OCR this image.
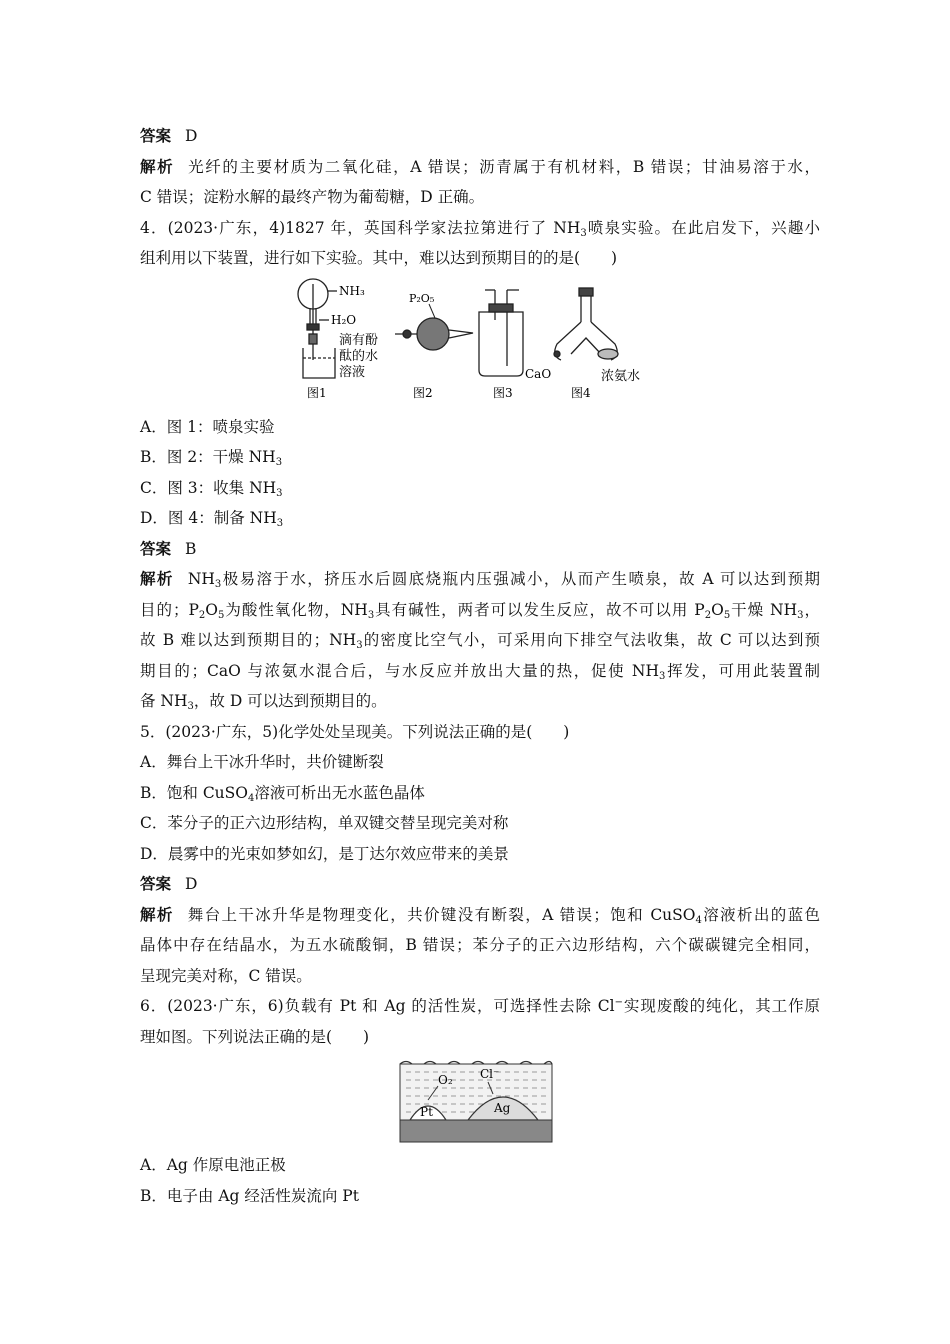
答案 D
解析 光纤的主要材质为二氧化硅，A 错误；沥青属于有机材料，B 错误；甘油易溶于水，
C 错误；淀粉水解的最终产物为葡萄糖，D 正确。
4．(2023·广东，4)1827 年，英国科学家法拉第进行了 $NH_3$喷泉实验。在此启发下，兴趣小
组利用以下装置，进行如下实验。其中，难以达到预期目的的是(　　)
NH₃
H₂O
滴有酚
酞的水
溶液
图1
P₂O₅
图2	图3
CaO	浓氨水
图4
A．图 1：喷泉实验
B．图 2：干燥 $NH_3$
C．图 3：收集 $NH_3$
D．图 4：制备 $NH_3$
答案 B
解析 $NH_3$极易溶于水，挤压水后圆底烧瓶内压强减小，从而产生喷泉，故 A 可以达到预期
目的；$P_2O_5$为酸性氧化物，$NH_3$具有碱性，两者可以发生反应，故不可以用 $P_2O_5$干燥 $NH_3$，
故 B 难以达到预期目的；$NH_3$的密度比空气小，可采用向下排空气法收集，故 C 可以达到预
期目的；CaO 与浓氨水混合后，与水反应并放出大量的热，促使 $NH_3$挥发，可用此装置制
备 $NH_3$，故 D 可以达到预期目的。
5．(2023·广东，5)化学处处呈现美。下列说法正确的是(　　)
A．舞台上干冰升华时，共价键断裂
B．饱和 CuSO$_4$溶液可析出无水蓝色晶体
C．苯分子的正六边形结构，单双键交替呈现完美对称
D．晨雾中的光束如梦如幻，是丁达尔效应带来的美景
答案 D
解析 舞台上干冰升华是物理变化，共价键没有断裂，A 错误；饱和 CuSO$_4$溶液析出的蓝色
晶体中存在结晶水，为五水硫酸铜，B 错误；苯分子的正六边形结构，六个碳碳键完全相同，
呈现完美对称，C 错误。
6．(2023·广东，6)负载有 Pt 和 Ag 的活性炭，可选择性去除 Cl−实现废酸的纯化，其工作原
理如图。下列说法正确的是(　　)
O₂ Cl⁻
Pt	Ag
A．Ag 作原电池正极
B．电子由 Ag 经活性炭流向 Pt
